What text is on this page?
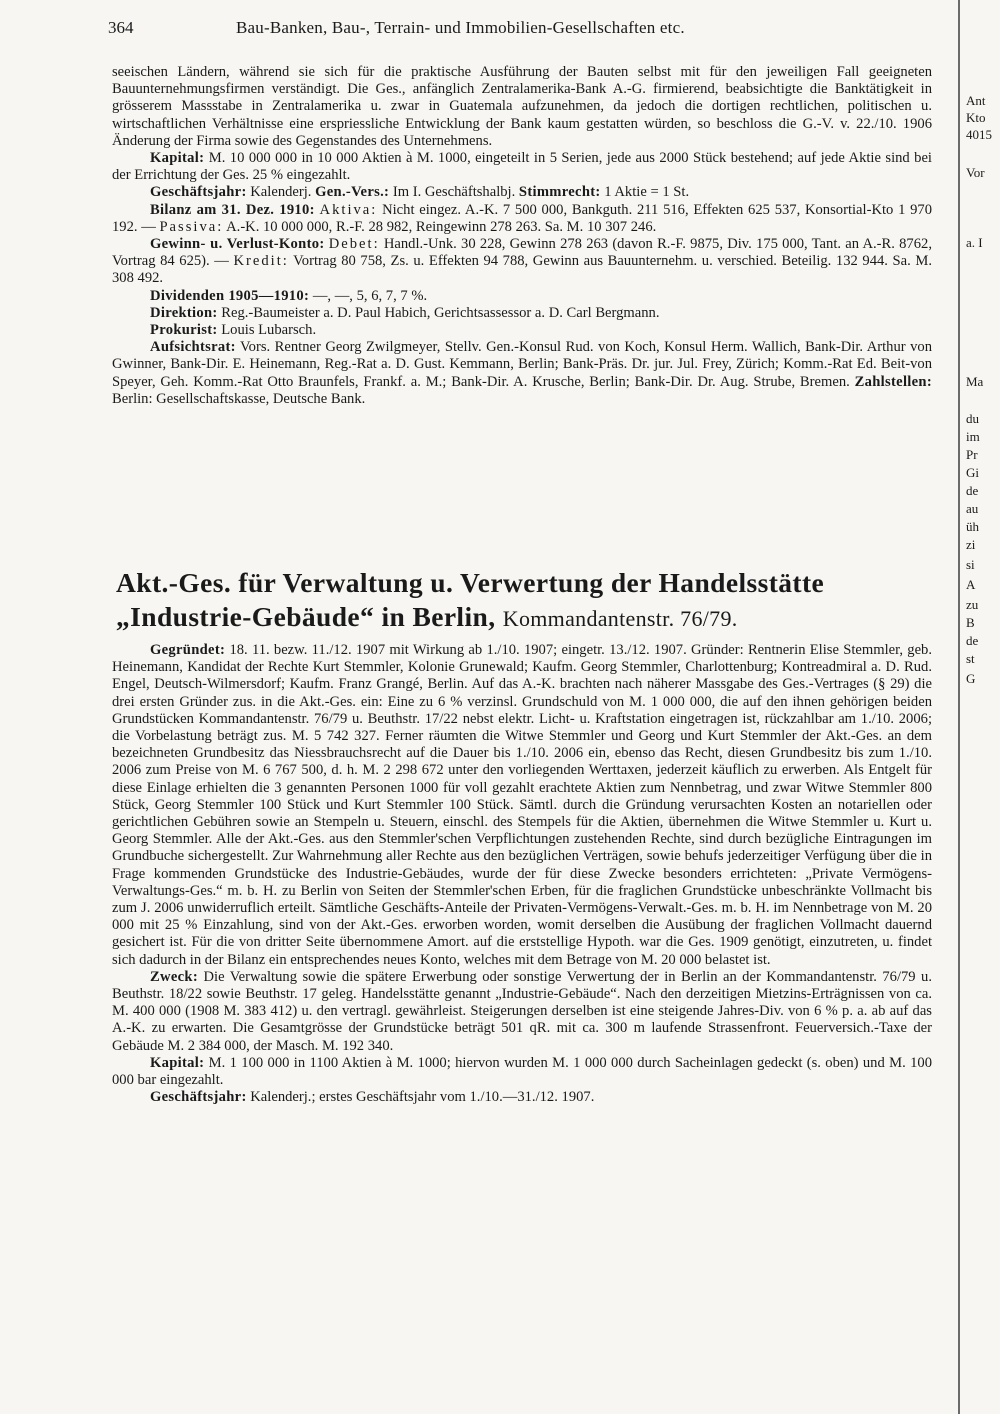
364	Bau-Banken, Bau-, Terrain- und Immobilien-Gesellschaften etc.

seeischen Ländern, während sie sich für die praktische Ausführung der Bauten selbst mit für den jeweiligen Fall geeigneten Bauunternehmungsfirmen verständigt. Die Ges., anfänglich Zentralamerika-Bank A.-G. firmierend, beabsichtigte die Banktätigkeit in grösserem Massstabe in Zentralamerika u. zwar in Guatemala aufzunehmen, da jedoch die dortigen rechtlichen, politischen u. wirtschaftlichen Verhältnisse eine erspriessliche Entwicklung der Bank kaum gestatten würden, so beschloss die G.-V. v. 22./10. 1906 Änderung der Firma sowie des Gegenstandes des Unternehmens.

Kapital: M. 10 000 000 in 10 000 Aktien à M. 1000, eingeteilt in 5 Serien, jede aus 2000 Stück bestehend; auf jede Aktie sind bei der Errichtung der Ges. 25 % eingezahlt.

Geschäftsjahr: Kalenderj. Gen.-Vers.: Im I. Geschäftshalbj. Stimmrecht: 1 Aktie = 1 St.

Bilanz am 31. Dez. 1910: Aktiva: Nicht eingez. A.-K. 7 500 000, Bankguth. 211 516, Effekten 625 537, Konsortial-Kto 1 970 192. — Passiva: A.-K. 10 000 000, R.-F. 28 982, Reingewinn 278 263. Sa. M. 10 307 246.

Gewinn- u. Verlust-Konto: Debet: Handl.-Unk. 30 228, Gewinn 278 263 (davon R.-F. 9875, Div. 175 000, Tant. an A.-R. 8762, Vortrag 84 625). — Kredit: Vortrag 80 758, Zs. u. Effekten 94 788, Gewinn aus Bauunternehm. u. verschied. Beteilig. 132 944. Sa. M. 308 492.

Dividenden 1905—1910: —, —, 5, 6, 7, 7 %.

Direktion: Reg.-Baumeister a. D. Paul Habich, Gerichtsassessor a. D. Carl Bergmann.

Prokurist: Louis Lubarsch.

Aufsichtsrat: Vors. Rentner Georg Zwilgmeyer, Stellv. Gen.-Konsul Rud. von Koch, Konsul Herm. Wallich, Bank-Dir. Arthur von Gwinner, Bank-Dir. E. Heinemann, Reg.-Rat a. D. Gust. Kemmann, Berlin; Bank-Präs. Dr. jur. Jul. Frey, Zürich; Komm.-Rat Ed. Beit-von Speyer, Geh. Komm.-Rat Otto Braunfels, Frankf. a. M.; Bank-Dir. A. Krusche, Berlin; Bank-Dir. Dr. Aug. Strube, Bremen. Zahlstellen: Berlin: Gesellschaftskasse, Deutsche Bank.

Akt.-Ges. für Verwaltung u. Verwertung der Handelsstätte
„Industrie-Gebäude“ in Berlin, Kommandantenstr. 76/79.

Gegründet: 18. 11. bezw. 11./12. 1907 mit Wirkung ab 1./10. 1907; eingetr. 13./12. 1907. Gründer: Rentnerin Elise Stemmler, geb. Heinemann, Kandidat der Rechte Kurt Stemmler, Kolonie Grunewald; Kaufm. Georg Stemmler, Charlottenburg; Kontreadmiral a. D. Rud. Engel, Deutsch-Wilmersdorf; Kaufm. Franz Grangé, Berlin. Auf das A.-K. brachten nach näherer Massgabe des Ges.-Vertrages (§ 29) die drei ersten Gründer zus. in die Akt.-Ges. ein: Eine zu 6 % verzinsl. Grundschuld von M. 1 000 000, die auf den ihnen gehörigen beiden Grundstücken Kommandantenstr. 76/79 u. Beuthstr. 17/22 nebst elektr. Licht- u. Kraftstation eingetragen ist, rückzahlbar am 1./10. 2006; die Vorbelastung beträgt zus. M. 5 742 327. Ferner räumten die Witwe Stemmler und Georg und Kurt Stemmler der Akt.-Ges. an dem bezeichneten Grundbesitz das Niessbrauchsrecht auf die Dauer bis 1./10. 2006 ein, ebenso das Recht, diesen Grundbesitz bis zum 1./10. 2006 zum Preise von M. 6 767 500, d. h. M. 2 298 672 unter den vorliegenden Werttaxen, jederzeit käuflich zu erwerben. Als Entgelt für diese Einlage erhielten die 3 genannten Personen 1000 für voll gezahlt erachtete Aktien zum Nennbetrag, und zwar Witwe Stemmler 800 Stück, Georg Stemmler 100 Stück und Kurt Stemmler 100 Stück. Sämtl. durch die Gründung verursachten Kosten an notariellen oder gerichtlichen Gebühren sowie an Stempeln u. Steuern, einschl. des Stempels für die Aktien, übernehmen die Witwe Stemmler u. Kurt u. Georg Stemmler. Alle der Akt.-Ges. aus den Stemmler'schen Verpflichtungen zustehenden Rechte, sind durch bezügliche Eintragungen im Grundbuche sichergestellt. Zur Wahrnehmung aller Rechte aus den bezüglichen Verträgen, sowie behufs jederzeitiger Verfügung über die in Frage kommenden Grundstücke des Industrie-Gebäudes, wurde der für diese Zwecke besonders errichteten: „Private Vermögens-Verwaltungs-Ges.“ m. b. H. zu Berlin von Seiten der Stemmler'schen Erben, für die fraglichen Grundstücke unbeschränkte Vollmacht bis zum J. 2006 unwiderruflich erteilt. Sämtliche Geschäfts-Anteile der Privaten-Vermögens-Verwalt.-Ges. m. b. H. im Nennbetrage von M. 20 000 mit 25 % Einzahlung, sind von der Akt.-Ges. erworben worden, womit derselben die Ausübung der fraglichen Vollmacht dauernd gesichert ist. Für die von dritter Seite übernommene Amort. auf die erststellige Hypoth. war die Ges. 1909 genötigt, einzutreten, u. findet sich dadurch in der Bilanz ein entsprechendes neues Konto, welches mit dem Betrage von M. 20 000 belastet ist.

Zweck: Die Verwaltung sowie die spätere Erwerbung oder sonstige Verwertung der in Berlin an der Kommandantenstr. 76/79 u. Beuthstr. 18/22 sowie Beuthstr. 17 geleg. Handelsstätte genannt „Industrie-Gebäude“. Nach den derzeitigen Mietzins-Erträgnissen von ca. M. 400 000 (1908 M. 383 412) u. den vertragl. gewährleist. Steigerungen derselben ist eine steigende Jahres-Div. von 6 % p. a. ab auf das A.-K. zu erwarten. Die Gesamtgrösse der Grundstücke beträgt 501 qR. mit ca. 300 m laufende Strassenfront. Feuerversich.-Taxe der Gebäude M. 2 384 000, der Masch. M. 192 340.

Kapital: M. 1 100 000 in 1100 Aktien à M. 1000; hiervon wurden M. 1 000 000 durch Sacheinlagen gedeckt (s. oben) und M. 100 000 bar eingezahlt.

Geschäftsjahr: Kalenderj.; erstes Geschäftsjahr vom 1./10.—31./12. 1907.

Ant
Kto
4015
Vor
a. I
Ma
du
im
Pr
Gi
de
au
üh
zi
si
A
zu
B
de
st
G
